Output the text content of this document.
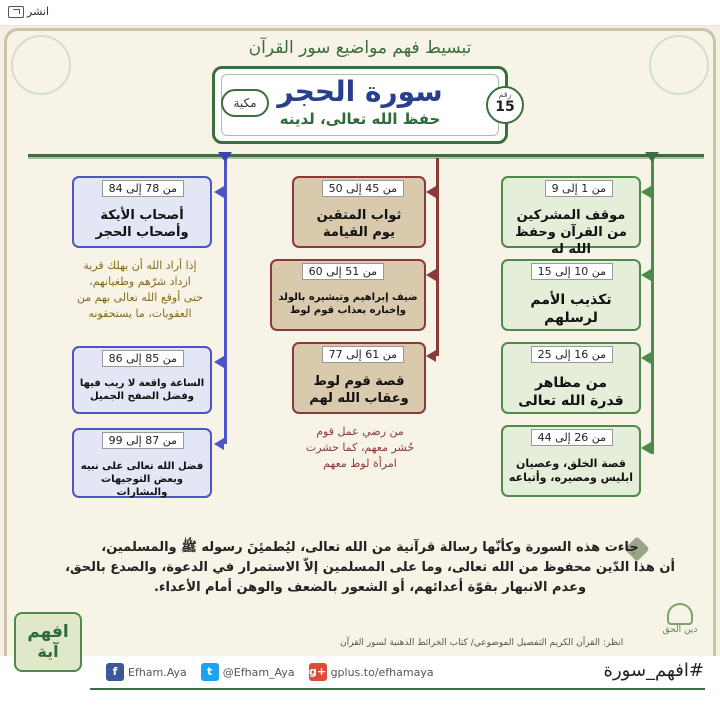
انشر
تبسيط فهم مواضيع سور القرآن
سورة الحجر
حفظ الله تعالى، لدينه
مكية
رقم
15
من 1 إلى 9
موقف المشركين
من القرآن وحفظ الله له
من 10 إلى 15
تكذيب الأمم
لرسلهم
من 16 إلى 25
من مظاهر
قدرة الله تعالى
من 26 إلى 44
قصة الخلق، وعصيان
ابليس ومصيره، وأتباعه
من 45 إلى 50
ثواب المتقين
يوم القيامة
من 51 إلى 60
ضيف إبراهيم وتبشيره بالولد
وإخباره بعذاب قوم لوط
من 61 إلى 77
قصة قوم لوط
وعقاب الله لهم
من رضي عمل قوم
حُشر معهم، كما حشرت
امرأة لوط معهم
من 78 إلى 84
أصحاب الأيكة
وأصحاب الحجر
إذا أراد الله أن يهلك قرية
ازداد شرّهم وطغيانهم،
حتى أوقع الله تعالى بهم من
العقوبات، ما يستحقونه
من 85 إلى 86
الساعة واقعة لا ريب فيها
وفضل الصفح الجميل
من 87 إلى 99
فضل الله تعالى على نبيه
وبعض التوجيهات والبشارات
جاءت هذه السورة وكأنّها رسالة قرآنية من الله تعالى، ليُطمئِنَ رسوله ﷺ والمسلمين،
أن هذا الدّين محفوظ من الله تعالى، وما على المسلمين إلاّ الاستمرار في الدعوة، والصدع بالحق،
وعدم الانبهار بقوّة أعدائهم، أو الشعور بالضعف والوهن أمام الأعداء.
انظر: القرآن الكريم التفصيل الموضوعي/ كتاب الخرائط الذهنية لسور القرآن
دين الحق
افهم
آية
f Efham.Aya	t @Efham_Aya g+ gplus.to/efhamaya	#افهم_سورة
